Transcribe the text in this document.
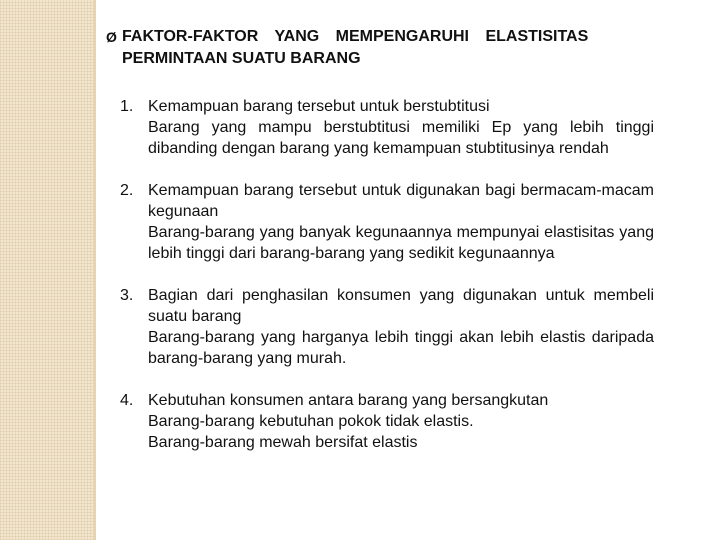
Ø FAKTOR-FAKTOR YANG MEMPENGARUHI ELASTISITAS
PERMINTAAN SUATU BARANG
1. Kemampuan barang tersebut untuk berstubtitusi
Barang yang mampu berstubtitusi memiliki Ep yang lebih tinggi dibanding dengan barang yang kemampuan stubtitusinya rendah
2. Kemampuan barang tersebut untuk digunakan bagi bermacam-macam kegunaan
Barang-barang yang banyak kegunaannya mempunyai elastisitas yang lebih tinggi dari barang-barang yang sedikit kegunaannya
3. Bagian dari penghasilan konsumen yang digunakan untuk membeli suatu barang
Barang-barang yang harganya lebih tinggi akan lebih elastis daripada barang-barang yang murah.
4. Kebutuhan konsumen antara barang yang bersangkutan
Barang-barang kebutuhan pokok tidak elastis.
Barang-barang mewah bersifat elastis
